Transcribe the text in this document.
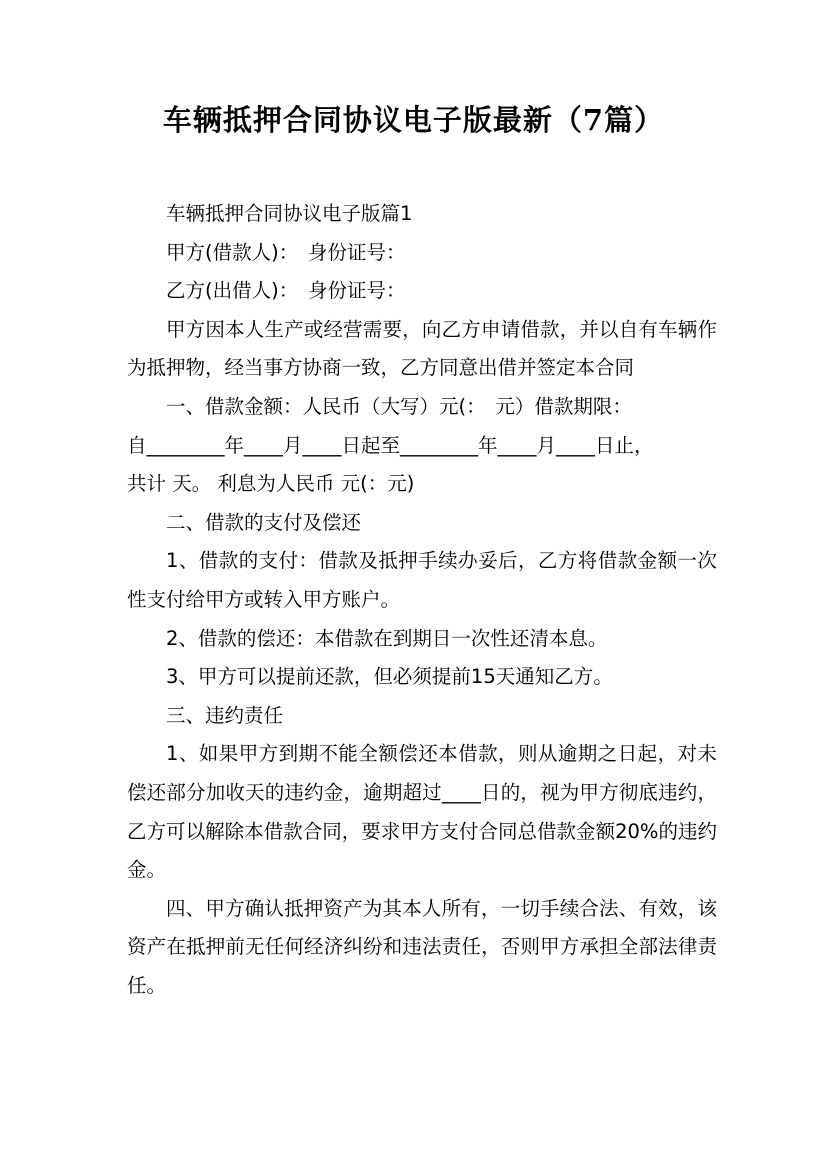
车辆抵押合同协议电子版最新（7篇）

车辆抵押合同协议电子版篇1

甲方(借款人)：　身份证号：

乙方(出借人)：　身份证号：

甲方因本人生产或经营需要，向乙方申请借款，并以自有车辆作为抵押物，经当事方协商一致，乙方同意出借并签定本合同

一、借款金额：人民币（大写）元(：　元）借款期限：

自________年____月____日起至________年____月____日止，

共计 天。 利息为人民币 元(：元)

二、借款的支付及偿还

1、借款的支付：借款及抵押手续办妥后，乙方将借款金额一次性支付给甲方或转入甲方账户。

2、借款的偿还：本借款在到期日一次性还清本息。

3、甲方可以提前还款，但必须提前15天通知乙方。

三、违约责任

1、如果甲方到期不能全额偿还本借款，则从逾期之日起，对未偿还部分加收天的违约金，逾期超过____日的，视为甲方彻底违约，乙方可以解除本借款合同，要求甲方支付合同总借款金额20%的违约金。

四、甲方确认抵押资产为其本人所有，一切手续合法、有效，该资产在抵押前无任何经济纠纷和违法责任，否则甲方承担全部法律责任。
